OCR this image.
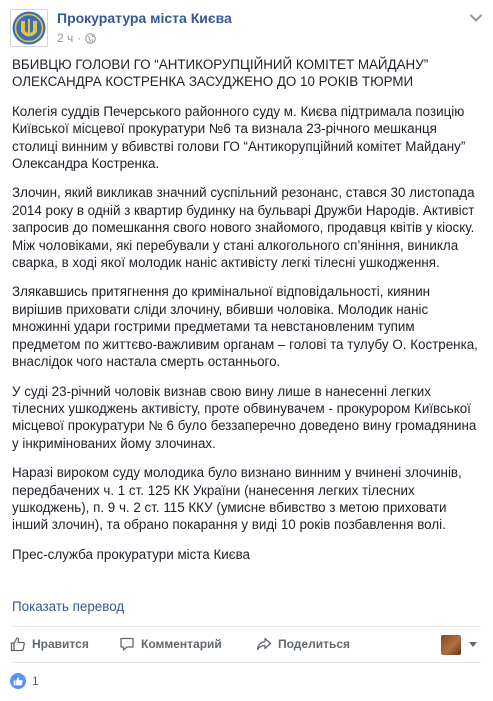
Прокуратура міста Києва
2 ч ·

ВБИВЦЮ ГОЛОВИ ГО “АНТИКОРУПЦІЙНИЙ КОМІТЕТ МАЙДАНУ” ОЛЕКСАНДРА КОСТРЕНКА ЗАСУДЖЕНО ДО 10 РОКІВ ТЮРМИ

Колегія суддів Печерського районного суду м. Києва підтримала позицію Київської місцевої прокуратури №6 та визнала 23-річного мешканця столиці винним у вбивстві голови ГО “Антикорупційний комітет Майдану” Олександра Костренка.

Злочин, який викликав значний суспільний резонанс, стався 30 листопада 2014 року в одній з квартир будинку на бульварі Дружби Народів. Активіст запросив до помешкання свого нового знайомого, продавця квітів у кіоску. Між чоловіками, які перебували у стані алкогольного сп’яніння, виникла сварка, в ході якої молодик наніс активісту легкі тілесні ушкодження.

Злякавшись притягнення до кримінальної відповідальності, киянин вирішив приховати сліди злочину, вбивши чоловіка. Молодик наніс множинні удари гострими предметами та невстановленим тупим предметом по життєво-важливим органам – голові та тулубу О. Костренка, внаслідок чого настала смерть останнього.

У суді 23-річний чоловік визнав свою вину лише в нанесенні легких тілесних ушкоджень активісту, проте обвинувачем - прокурором Київської місцевої прокуратури № 6 було беззаперечно доведено вину громадянина у інкримінованих йому злочинах.

Наразі вироком суду молодика було визнано винним у вчинені злочинів, передбачених ч. 1 ст. 125 КК України (нанесення легких тілесних ушкоджень), п. 9 ч. 2 ст. 115 ККУ (умисне вбивство з метою приховати інший злочин), та обрано покарання у виді 10 років позбавлення волі.

Прес-служба прокуратури міста Києва

Показать перевод
Нравится	Комментарий	Поделиться
1
